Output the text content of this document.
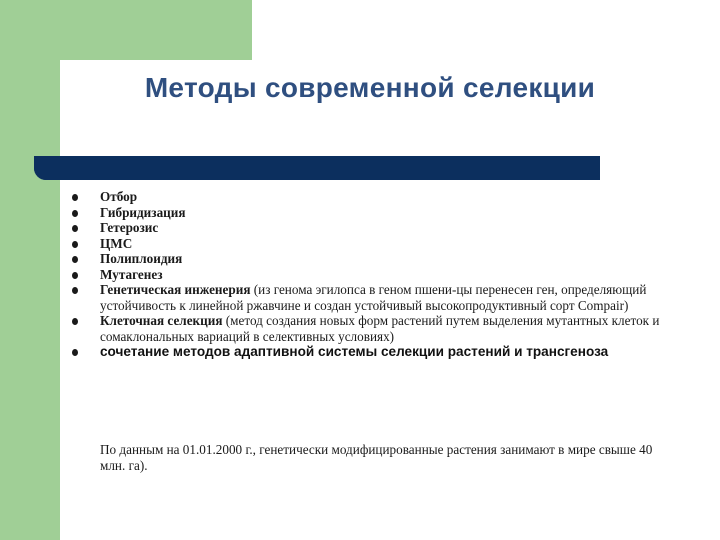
Методы современной селекции
Отбор
Гибридизация
Гетерозис
ЦМС
Полиплоидия
Мутагенез
Генетическая инженерия (из генома эгилопса в геном пшени-цы перенесен ген, определяющий устойчивость к линейной ржавчине и создан устойчивый высокопродуктивный сорт Compair)
Клеточная селекция (метод создания новых форм растений путем выделения мутантных клеток и сомаклональных вариаций в селективных условиях)
сочетание методов адаптивной системы селекции растений и трансгеноза
По данным на 01.01.2000 г., генетически модифицированные растения занимают в мире свыше 40 млн. га).
